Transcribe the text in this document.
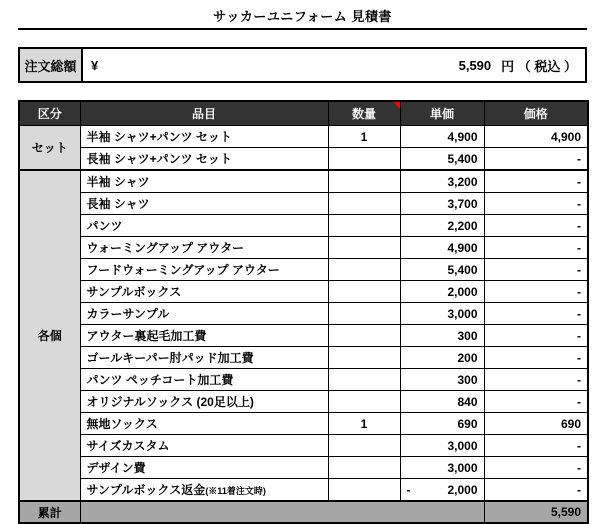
サッカーユニフォーム 見積書
注文総額	¥	5,590 円 （ 税込 ）
区分	品目	数量	単価	価格
セット	半袖 シャツ+パンツ セット	1	4,900	4,900
	長袖 シャツ+パンツ セット		5,400	-
各個	半袖 シャツ		3,200	-
	長袖 シャツ		3,700	-
	パンツ		2,200	-
	ウォーミングアップ アウター		4,900	-
	フードウォーミングアップ アウター		5,400	-
	サンプルボックス		2,000	-
	カラーサンプル		3,000	-
	アウター裏起毛加工費		300	-
	ゴールキーパー肘パッド加工費		200	-
	パンツ ペッチコート加工費		300	-
	オリジナルソックス (20足以上)		840	-
	無地ソックス	1	690	690
	サイズカスタム		3,000	-
	デザイン費		3,000	-
	サンプルボックス返金(※11着注文時)		- 2,000	-
累計				5,590
